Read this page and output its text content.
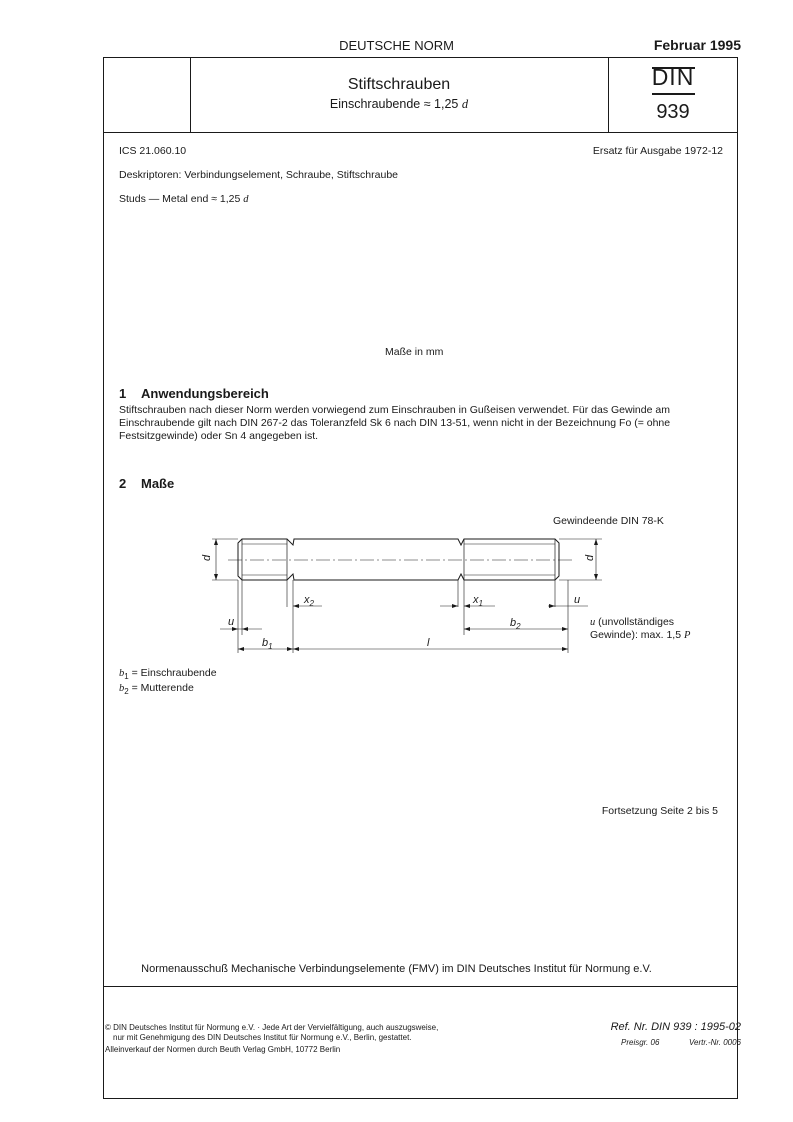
DEUTSCHE NORM	Februar 1995
Stiftschrauben
Einschraubende ≈ 1,25 d
DIN
939
ICS 21.060.10	Ersatz für Ausgabe 1972-12
Deskriptoren: Verbindungselement, Schraube, Stiftschraube
Studs — Metal end ≈ 1,25 d
Maße in mm
1 Anwendungsbereich
Stiftschrauben nach dieser Norm werden vorwiegend zum Einschrauben in Gußeisen verwendet. Für das Gewinde am Einschraubende gilt nach DIN 267-2 das Toleranzfeld Sk 6 nach DIN 13-51, wenn nicht in der Bezeichnung Fo (= ohne Festsitzgewinde) oder Sn 4 angegeben ist.
2 Maße
d	d
$x_2$	$x_1$	u
u	$b_2$
$b_1$	l
Gewindeende DIN 78-K
u (unvollständiges
Gewinde): max. 1,5 P
$b_1$ = Einschraubende
$b_2$ = Mutterende
Fortsetzung Seite 2 bis 5
Normenausschuß Mechanische Verbindungselemente (FMV) im DIN Deutsches Institut für Normung e.V.
© DIN Deutsches Institut für Normung e.V. · Jede Art der Vervielfältigung, auch auszugsweise,
nur mit Genehmigung des DIN Deutsches Institut für Normung e.V., Berlin, gestattet.
Alleinverkauf der Normen durch Beuth Verlag GmbH, 10772 Berlin
Ref. Nr. DIN 939 : 1995-02
Preisgr. 06	Vertr.-Nr. 0006
